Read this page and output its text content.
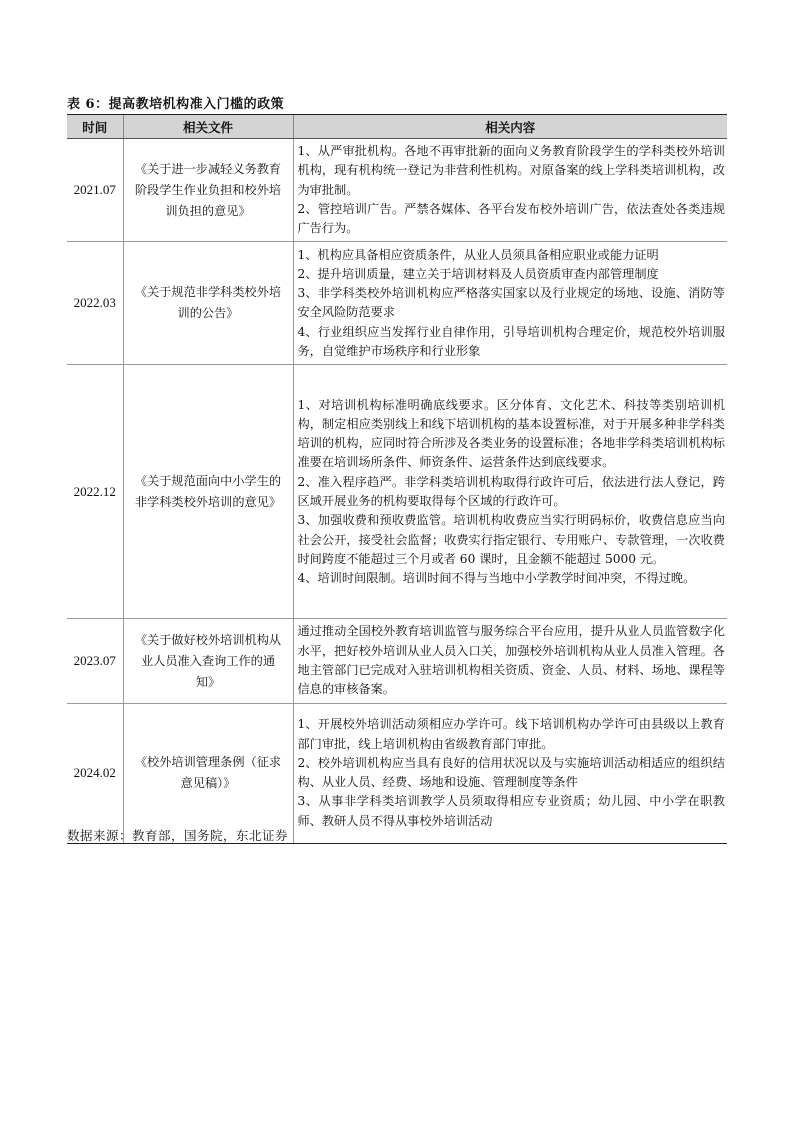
表 6：提高教培机构准入门槛的政策
时间	相关文件	相关内容
2021.07	《关于进一步减轻义务教育
阶段学生作业负担和校外培
训负担的意见》	1、从严审批机构。各地不再审批新的面向义务教育阶段学生的学科类校外培训机构，现有机构统一登记为非营利性机构。对原备案的线上学科类培训机构，改为审批制。
2、管控培训广告。严禁各媒体、各平台发布校外培训广告，依法查处各类违规广告行为。

2022.03	《关于规范非学科类校外培
训的公告》	1、机构应具备相应资质条件，从业人员须具备相应职业或能力证明
2、提升培训质量，建立关于培训材料及人员资质审查内部管理制度
3、非学科类校外培训机构应严格落实国家以及行业规定的场地、设施、消防等安全风险防范要求
4、行业组织应当发挥行业自律作用，引导培训机构合理定价，规范校外培训服务，自觉维护市场秩序和行业形象

2022.12	《关于规范面向中小学生的
非学科类校外培训的意见》	1、对培训机构标准明确底线要求。区分体育、文化艺术、科技等类别培训机构，制定相应类别线上和线下培训机构的基本设置标准，对于开展多种非学科类培训的机构，应同时符合所涉及各类业务的设置标准；各地非学科类培训机构标准要在培训场所条件、师资条件、运营条件达到底线要求。
2、准入程序趋严。非学科类培训机构取得行政许可后，依法进行法人登记，跨区域开展业务的机构要取得每个区域的行政许可。
3、加强收费和预收费监管。培训机构收费应当实行明码标价，收费信息应当向社会公开，接受社会监督；收费实行指定银行、专用账户、专款管理，一次收费时间跨度不能超过三个月或者 60 课时，且金额不能超过 5000 元。
4、培训时间限制。培训时间不得与当地中小学教学时间冲突，不得过晚。

2023.07	《关于做好校外培训机构从
业人员准入查询工作的通
知》	通过推动全国校外教育培训监管与服务综合平台应用，提升从业人员监管数字化水平，把好校外培训从业人员入口关，加强校外培训机构从业人员准入管理。各地主管部门已完成对入驻培训机构相关资质、资金、人员、材料、场地、课程等信息的审核备案。

2024.02	《校外培训管理条例（征求
意见稿）》	1、开展校外培训活动须相应办学许可。线下培训机构办学许可由县级以上教育部门审批，线上培训机构由省级教育部门审批。
2、校外培训机构应当具有良好的信用状况以及与实施培训活动相适应的组织结构、从业人员、经费、场地和设施、管理制度等条件
3、从事非学科类培训教学人员须取得相应专业资质；幼儿园、中小学在职教师、教研人员不得从事校外培训活动
数据来源：教育部，国务院，东北证券
